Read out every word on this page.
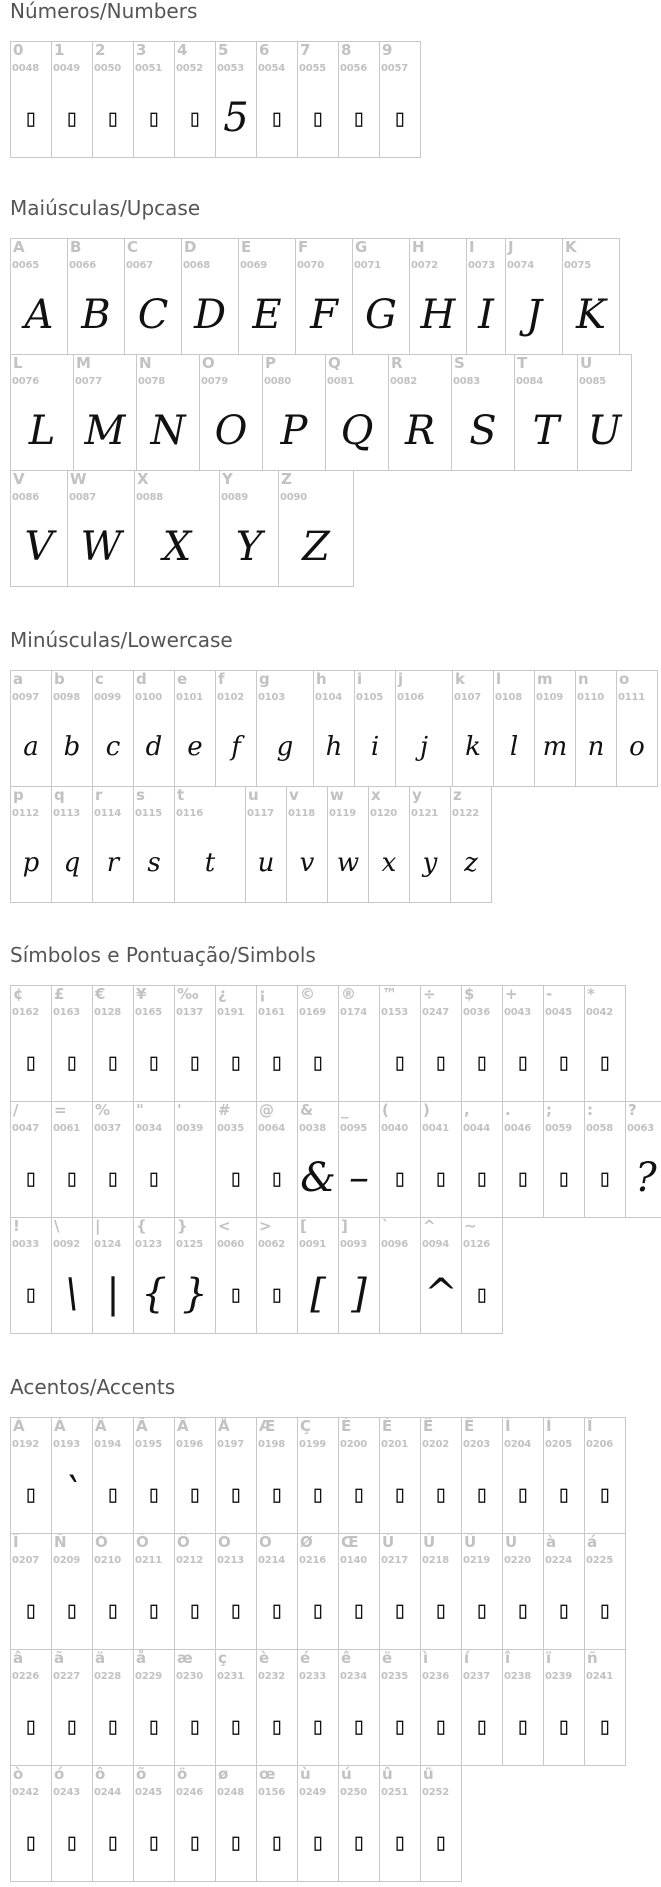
Números/Numbers
Maiúsculas/Upcase
Minúsculas/Lowercase
Símbolos e Pontuação/Simbols
Acentos/Accents
0
0048
▯
1
0049
▯
2
0050
▯
3
0051
▯
4
0052
▯
5
0053
5
6
0054
▯
7
0055
▯
8
0056
▯
9
0057
▯
A
0065
A
B
0066
B
C
0067
C
D
0068
D
E
0069
E
F
0070
F
G
0071
G
H
0072
H
I
0073
I
J
0074
J
K
0075
K
L
0076
L
M
0077
M
N
0078
N
O
0079
O
P
0080
P
Q
0081
Q
R
0082
R
S
0083
S
T
0084
T
U
0085
U
V
0086
V
W
0087
W
X
0088
X
Y
0089
Y
Z
0090
Z
a
0097
a
b
0098
b
c
0099
c
d
0100
d
e
0101
e
f
0102
f
g
0103
g
h
0104
h
i
0105
i
j
0106
j
k
0107
k
l
0108
l
m
0109
m
n
0110
n
o
0111
o
p
0112
p
q
0113
q
r
0114
r
s
0115
s
t
0116
t
u
0117
u
v
0118
v
w
0119
w
x
0120
x
y
0121
y
z
0122
z
¢
0162
▯
£
0163
▯
€
0128
▯
¥
0165
▯
‰
0137
▯
¿
0191
▯
¡
0161
▯
©
0169
▯
®
0174
™
0153
▯
÷
0247
▯
$
0036
▯
+
0043
▯
-
0045
▯
*
0042
▯
/
0047
▯
=
0061
▯
%
0037
▯
"
0034
▯
'
0039
#
0035
▯
@
0064
▯
&
0038
&
_
0095
–
(
0040
▯
)
0041
▯
,
0044
▯
.
0046
▯
;
0059
▯
:
0058
▯
?
0063
?
!
0033
▯
\
0092
\
|
0124
|
{
0123
{
}
0125
}
<
0060
▯
>
0062
▯
[
0091
[
]
0093
]
`
0096
^
0094
^
~
0126
▯
À
0192
▯
Á
0193
`
Â
0194
▯
Ã
0195
▯
Ä
0196
▯
Å
0197
▯
Æ
0198
▯
Ç
0199
▯
È
0200
▯
É
0201
▯
Ê
0202
▯
Ë
0203
▯
Ì
0204
▯
Í
0205
▯
Î
0206
▯
Ï
0207
▯
Ñ
0209
▯
Ò
0210
▯
Ó
0211
▯
Ô
0212
▯
Õ
0213
▯
Ö
0214
▯
Ø
0216
▯
Œ
0140
▯
Ù
0217
▯
Ú
0218
▯
Û
0219
▯
Ü
0220
▯
à
0224
▯
á
0225
▯
â
0226
▯
ã
0227
▯
ä
0228
▯
å
0229
▯
æ
0230
▯
ç
0231
▯
è
0232
▯
é
0233
▯
ê
0234
▯
ë
0235
▯
ì
0236
▯
í
0237
▯
î
0238
▯
ï
0239
▯
ñ
0241
▯
ò
0242
▯
ó
0243
▯
ô
0244
▯
õ
0245
▯
ö
0246
▯
ø
0248
▯
œ
0156
▯
ù
0249
▯
ú
0250
▯
û
0251
▯
ü
0252
▯
